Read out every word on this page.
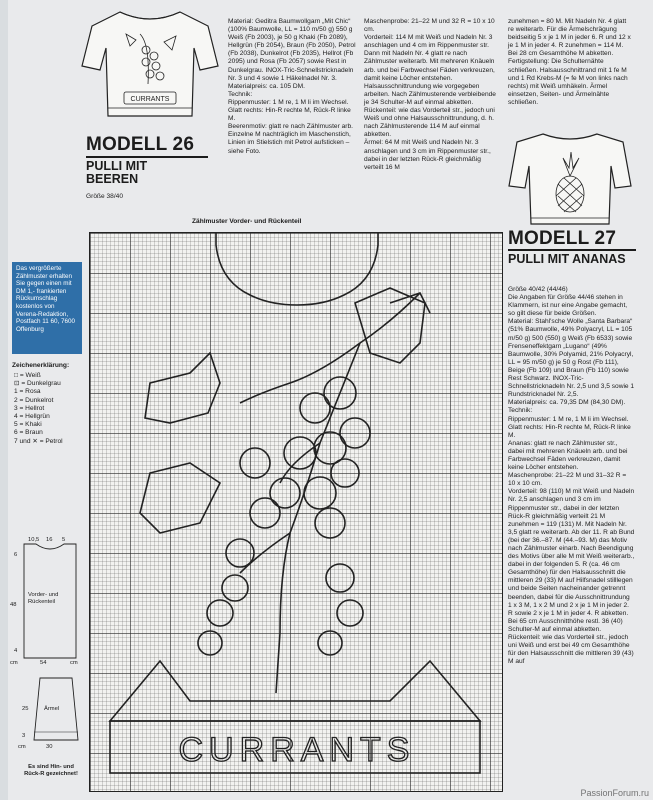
CURRANTS
MODELL 26
PULLI MIT BEEREN
Größe 38/40
Material: Geditra Baumwollgarn „Mit Chic“ (100% Baumwolle, LL = 110 m/50 g) 550 g Weiß (Fb 2003), je 50 g Khaki (Fb 2089), Hellgrün (Fb 2054), Braun (Fb 2050), Petrol (Fb 2038), Dunkelrot (Fb 2035), Hellrot (Fb 2095) und Rosa (Fb 2057) sowie Rest in Dunkelgrau. INOX-Tric-Schnellstricknadeln Nr. 3 und 4 sowie 1 Häkelnadel Nr. 3.
Materialpreis: ca. 105 DM.
Technik:
Rippenmuster: 1 M re, 1 M li im Wechsel.
Glatt rechts: Hin-R rechte M, Rück-R linke M.
Beerenmotiv: glatt re nach Zählmuster arb. Einzelne M nachträglich im Maschenstich, Linien im Stielstich mit Petrol aufsticken – siehe Foto.
Maschenprobe: 21–22 M und 32 R = 10 x 10 cm.
Vorderteil: 114 M mit Weiß und Nadeln Nr. 3 anschlagen und 4 cm im Rippenmuster str. Dann mit Nadeln Nr. 4 glatt re nach Zählmuster weiterarb. Mit mehreren Knäueln arb. und bei Farbwechsel Fäden verkreuzen, damit keine Löcher entstehen. Halsausschnittrundung wie vorgegeben arbeiten. Nach Zählmusterende verbleibende je 34 Schulter-M auf einmal abketten.
Rückenteil: wie das Vorderteil str., jedoch uni Weiß und ohne Halsausschnittrundung, d. h. nach Zählmusterende 114 M auf einmal abketten.
Ärmel: 64 M mit Weiß und Nadeln Nr. 3 anschlagen und 3 cm im Rippenmuster str., dabei in der letzten Rück-R gleichmäßig verteilt 16 M
zunehmen = 80 M. Mit Nadeln Nr. 4 glatt re weiterarb. Für die Ärmelschrägung beidseitig 5 x je 1 M in jeder 6. R und 12 x je 1 M in jeder 4. R zunehmen = 114 M. Bei 28 cm Gesamthöhe M abketten.
Fertigstellung: Die Schulternähte schließen. Halsausschnittrand mit 1 fe M und 1 Rd Krebs-M (= fe M von links nach rechts) mit Weiß umhäkeln. Ärmel einsetzen, Seiten- und Ärmelnähte schließen.
MODELL 27
PULLI MIT ANANAS
Größe 40/42 (44/46)
Die Angaben für Größe 44/46 stehen in Klammern, ist nur eine Angabe gemacht, so gilt diese für beide Größen.
Material: Stahl'sche Wolle „Santa Barbara“ (51% Baumwolle, 49% Polyacryl, LL = 105 m/50 g) 500 (550) g Weiß (Fb 6533) sowie Frenseneffektgarn „Lugano“ (49% Baumwolle, 30% Polyamid, 21% Polyacryl, LL = 95 m/50 g) je 50 g Rost (Fb 111), Beige (Fb 109) und Braun (Fb 110) sowie Rest Schwarz. INOX-Tric-Schnellstricknadeln Nr. 2,5 und 3,5 sowie 1 Rundstricknadel Nr. 2,5.
Materialpreis: ca. 79,35 DM (84,30 DM).
Technik:
Rippenmuster: 1 M re, 1 M li im Wechsel.
Glatt rechts: Hin-R rechte M, Rück-R linke M.
Ananas: glatt re nach Zählmuster str., dabei mit mehreren Knäueln arb. und bei Farbwechsel Fäden verkreuzen, damit keine Löcher entstehen.
Maschenprobe: 21–22 M und 31–32 R = 10 x 10 cm.
Vorderteil: 98 (110) M mit Weiß und Nadeln Nr. 2,5 anschlagen und 3 cm im Rippenmuster str., dabei in der letzten Rück-R gleichmäßig verteilt 21 M zunehmen = 119 (131) M. Mit Nadeln Nr. 3,5 glatt re weiterarb. Ab der 11. R ab Bund (bei der 36.–87. M (44.–93. M) das Motiv nach Zählmuster einarb. Nach Beendigung des Motivs über alle M mit Weiß weiterarb., dabei in der folgenden 5. R (ca. 46 cm Gesamthöhe) für den Halsausschnitt die mittleren 29 (33) M auf Hilfsnadel stilllegen und beide Seiten nacheinander getrennt beenden, dabei für die Ausschnittrundung 1 x 3 M, 1 x 2 M und 2 x je 1 M in jeder 2. R sowie 2 x je 1 M in jeder 4. R abketten. Bei 65 cm Ausschnitthöhe restl. 36 (40) Schulter-M auf einmal abketten.
Rückenteil: wie das Vorderteil str., jedoch uni Weiß und erst bei 49 cm Gesamthöhe für den Halsausschnitt die mittleren 39 (43) M auf
Zählmuster Vorder- und Rückenteil
CURRANTS
Das vergrößerte Zählmuster erhalten Sie gegen einen mit DM 1,- frankierten Rückumschlag kostenlos von Verena-Redaktion, Postfach 11 60, 7600 Offenburg
Zeichenerklärung:
□ = Weiß
⊡ = Dunkelgrau
1 = Rosa
2 = Dunkelrot
3 = Hellrot
4 = Hellgrün
5 = Khaki
6 = Braun
7 und ✕ = Petrol
10,5 16 5
Vorder- und Rückenteil
6
48
4
cm	54	cm
Ärmel
25
3
cm	30
Es sind Hin- und Rück-R gezeichnet!
PassionForum.ru
